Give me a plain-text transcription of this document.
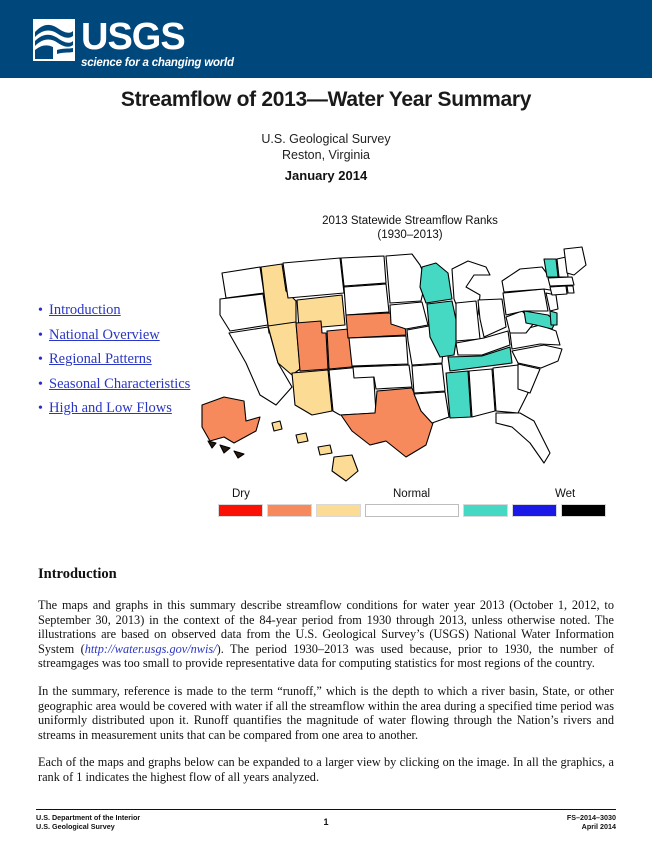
USGS
science for a changing world
Streamflow of 2013—Water Year Summary
U.S. Geological Survey
Reston, Virginia
January 2014
• Introduction
• National Overview
• Regional Patterns
• Seasonal Characteristics
• High and Low Flows
2013 Statewide Streamflow Ranks
(1930–2013)
Dry	Normal	Wet
Introduction

The maps and graphs in this summary describe streamflow conditions for water year 2013 (October 1, 2012, to September 30, 2013) in the context of the 84-year period from 1930 through 2013, unless otherwise noted. The illustrations are based on observed data from the U.S. Geological Survey’s (USGS) National Water Information System (http://water.usgs.gov/nwis/). The period 1930–2013 was used because, prior to 1930, the number of streamgages was too small to provide representative data for computing statistics for most regions of the country.

In the summary, reference is made to the term “runoff,” which is the depth to which a river basin, State, or other geographic area would be covered with water if all the streamflow within the area during a specified time period was uniformly distributed upon it. Runoff quantifies the magnitude of water flowing through the Nation’s rivers and streams in measurement units that can be compared from one area to another.

Each of the maps and graphs below can be expanded to a larger view by clicking on the image. In all the graphics, a rank of 1 indicates the highest flow of all years analyzed.

U.S. Department of the Interior
U.S. Geological Survey	1	FS–2014–3030
April 2014
